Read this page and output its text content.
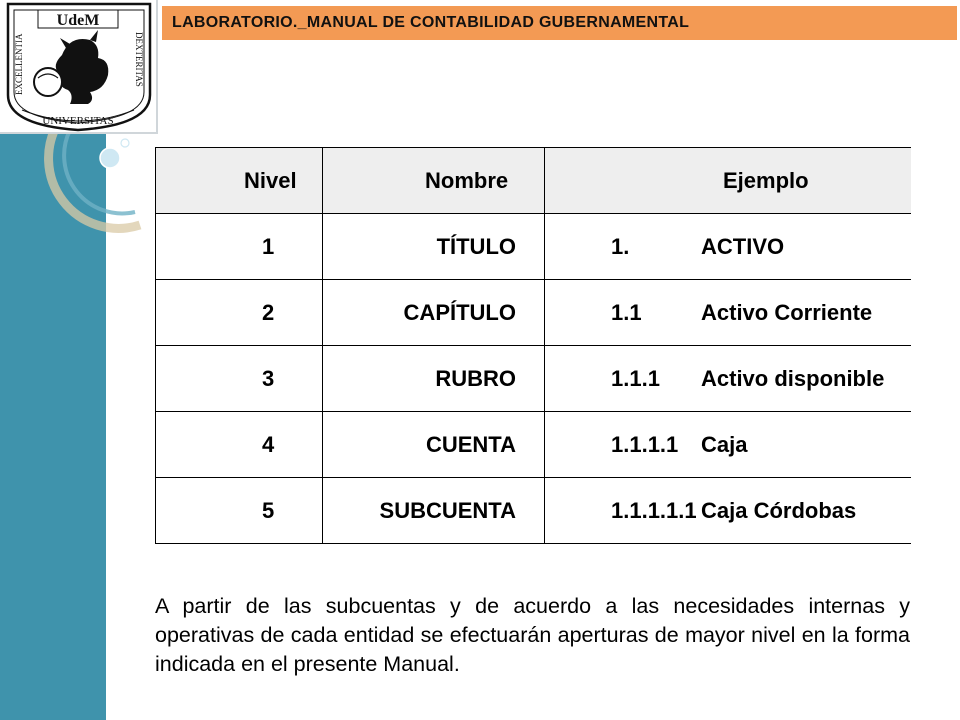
UdeM
EXCELLENTIA	DEXTERITAS
UNIVERSITAS
LABORATORIO._MANUAL DE CONTABILIDAD GUBERNAMENTAL
Nivel	Nombre	Ejemplo
1	TÍTULO	1. ACTIVO
2	CAPÍTULO	1.1 Activo Corriente
3	RUBRO	1.1.1 Activo disponible
4	CUENTA	1.1.1.1 Caja
5	SUBCUENTA	1.1.1.1.1 Caja Córdobas

A partir de las subcuentas y de acuerdo a las necesidades internas y operativas de cada entidad se efectuarán aperturas de mayor nivel en la forma indicada en el presente Manual.
